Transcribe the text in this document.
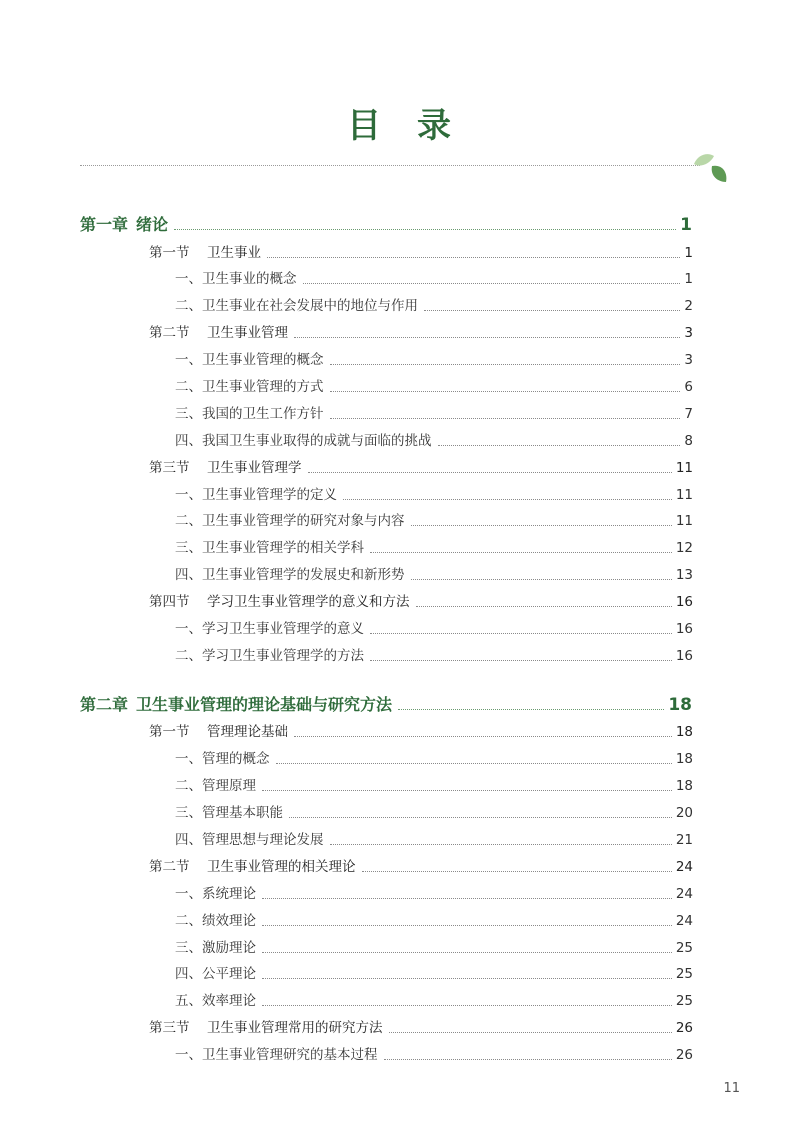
目 录
第一章 绪论	1
第一节 卫生事业	1
一、卫生事业的概念	1
二、卫生事业在社会发展中的地位与作用	2
第二节 卫生事业管理	3
一、卫生事业管理的概念	3
二、卫生事业管理的方式	6
三、我国的卫生工作方针	7
四、我国卫生事业取得的成就与面临的挑战	8
第三节 卫生事业管理学	11
一、卫生事业管理学的定义	11
二、卫生事业管理学的研究对象与内容	11
三、卫生事业管理学的相关学科	12
四、卫生事业管理学的发展史和新形势	13
第四节 学习卫生事业管理学的意义和方法	16
一、学习卫生事业管理学的意义	16
二、学习卫生事业管理学的方法	16
第二章 卫生事业管理的理论基础与研究方法	18
第一节 管理理论基础	18
一、管理的概念	18
二、管理原理	18
三、管理基本职能	20
四、管理思想与理论发展	21
第二节 卫生事业管理的相关理论	24
一、系统理论	24
二、绩效理论	24
三、激励理论	25
四、公平理论	25
五、效率理论	25
第三节 卫生事业管理常用的研究方法	26
一、卫生事业管理研究的基本过程	26
11
